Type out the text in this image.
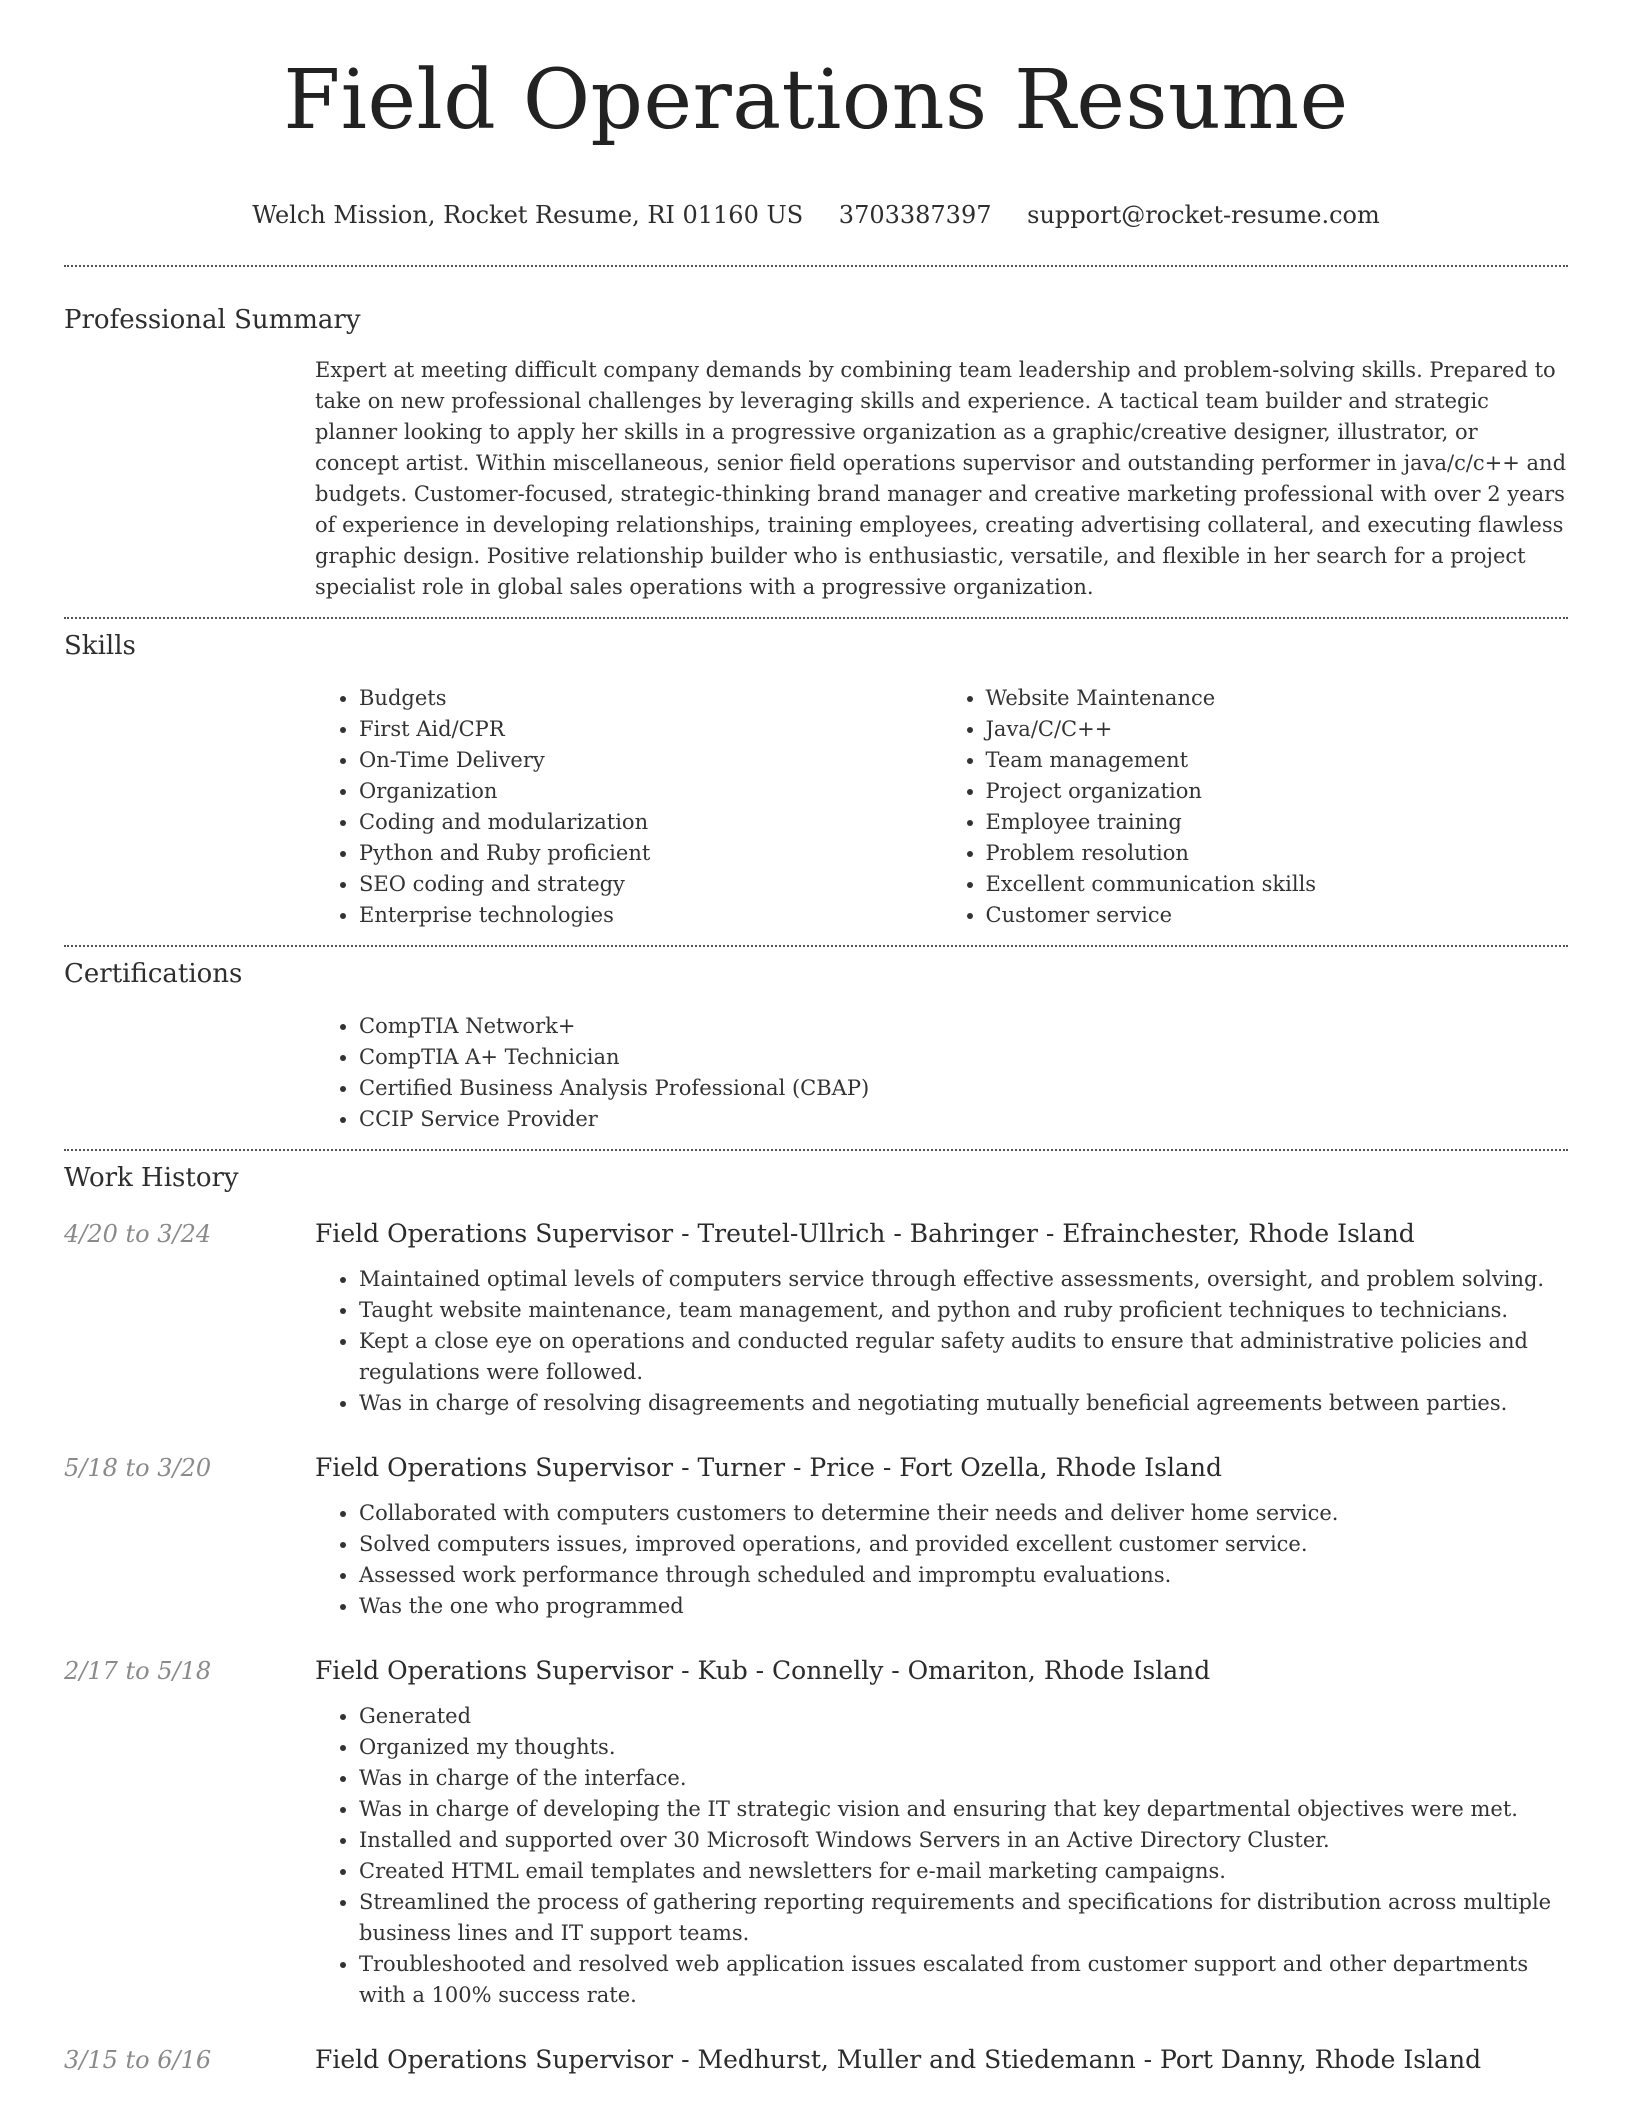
Field Operations Resume
Welch Mission, Rocket Resume, RI 01160 US 3703387397 support@rocket-resume.com
Professional Summary

Expert at meeting difficult company demands by combining team leadership and problem-solving skills. Prepared to take on new professional challenges by leveraging skills and experience. A tactical team builder and strategic planner looking to apply her skills in a progressive organization as a graphic/creative designer, illustrator, or concept artist. Within miscellaneous, senior field operations supervisor and outstanding performer in java/c/c++ and budgets. Customer-focused, strategic-thinking brand manager and creative marketing professional with over 2 years of experience in developing relationships, training employees, creating advertising collateral, and executing flawless graphic design. Positive relationship builder who is enthusiastic, versatile, and flexible in her search for a project specialist role in global sales operations with a progressive organization.

Skills
• Budgets
• First Aid/CPR
• On-Time Delivery
• Organization
• Coding and modularization
• Python and Ruby proficient
• SEO coding and strategy
• Enterprise technologies
• Website Maintenance
• Java/C/C++
• Team management
• Project organization
• Employee training
• Problem resolution
• Excellent communication skills
• Customer service
Certifications
• CompTIA Network+
• CompTIA A+ Technician
• Certified Business Analysis Professional (CBAP)
• CCIP Service Provider
Work History
4/20 to 3/24	Field Operations Supervisor - Treutel-Ullrich - Bahringer - Efrainchester, Rhode Island
• Maintained optimal levels of computers service through effective assessments, oversight, and problem solving.
• Taught website maintenance, team management, and python and ruby proficient techniques to technicians.
• Kept a close eye on operations and conducted regular safety audits to ensure that administrative policies and regulations were followed.
• Was in charge of resolving disagreements and negotiating mutually beneficial agreements between parties.
5/18 to 3/20	Field Operations Supervisor - Turner - Price - Fort Ozella, Rhode Island
• Collaborated with computers customers to determine their needs and deliver home service.
• Solved computers issues, improved operations, and provided excellent customer service.
• Assessed work performance through scheduled and impromptu evaluations.
• Was the one who programmed
2/17 to 5/18	Field Operations Supervisor - Kub - Connelly - Omariton, Rhode Island
• Generated
• Organized my thoughts.
• Was in charge of the interface.
• Was in charge of developing the IT strategic vision and ensuring that key departmental objectives were met.
• Installed and supported over 30 Microsoft Windows Servers in an Active Directory Cluster.
• Created HTML email templates and newsletters for e-mail marketing campaigns.
• Streamlined the process of gathering reporting requirements and specifications for distribution across multiple business lines and IT support teams.
• Troubleshooted and resolved web application issues escalated from customer support and other departments with a 100% success rate.
3/15 to 6/16	Field Operations Supervisor - Medhurst, Muller and Stiedemann - Port Danny, Rhode Island
